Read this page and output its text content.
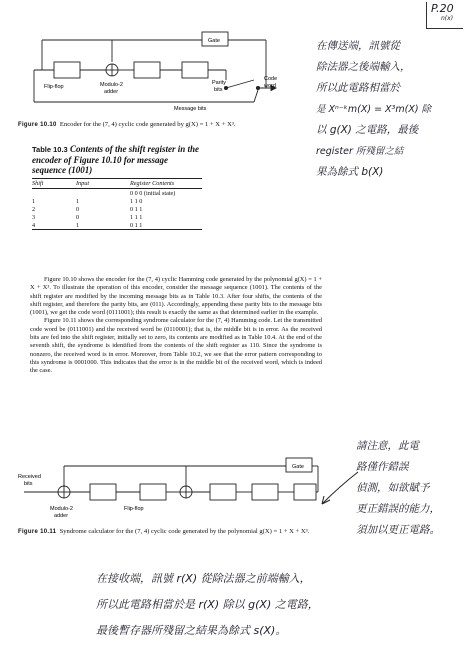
P.20
n(x)
Gate
Flip-flop	Modulo-2
adder
Parity
bits
Code
word
Message bits
Figure 10.10 Encoder for the (7, 4) cyclic code generated by g(X) = 1 + X + X³.
Table 10.3 Contents of the shift register in the encoder of Figure 10.10 for message sequence (1001)
Shift	Input	Register Contents
		0 0 0 (initial state)
1	1	1 1 0
2	0	0 1 1
3	0	1 1 1
4	1	0 1 1

Figure 10.10 shows the encoder for the (7, 4) cyclic Hamming code generated by the polynomial g(X) = 1 + X + X³. To illustrate the operation of this encoder, consider the message sequence (1001). The contents of the shift register are modified by the incoming message bits as in Table 10.3. After four shifts, the contents of the shift register, and therefore the parity bits, are (011). Accordingly, appending these parity bits to the message bits (1001), we get the code word (0111001); this result is exactly the same as that determined earlier in the example.

Figure 10.11 shows the corresponding syndrome calculator for the (7, 4) Hamming code. Let the transmitted code word be (0111001) and the received word be (0110001); that is, the middle bit is in error. As the received bits are fed into the shift register, initially set to zero, its contents are modified as in Table 10.4. At the end of the seventh shift, the syndrome is identified from the contents of the shift register as 110. Since the syndrome is nonzero, the received word is in error. Moreover, from Table 10.2, we see that the error pattern corresponding to this syndrome is 0001000. This indicates that the error is in the middle bit of the received word, which is indeed the case.

Gate
Received
bits
Modulo-2
adder
Flip-flop
Figure 10.11 Syndrome calculator for the (7, 4) cyclic code generated by the polynomial g(X) = 1 + X + X³.
在傳送端，訊號從
除法器之後端輸入，
所以此電路相當於
是 Xⁿ⁻ᵏm(X) = X³m(X) 除
以 g(X) 之電路，最後
register 所殘留之結
果為餘式 b(X)
請注意，此電
路僅作錯誤
偵測，如欲賦予
更正錯誤的能力，
須加以更正電路。
在接收端，訊號 r(X) 從除法器之前端輸入，
所以此電路相當於是 r(X) 除以 g(X) 之電路，
最後暫存器所殘留之結果為餘式 s(X)。
